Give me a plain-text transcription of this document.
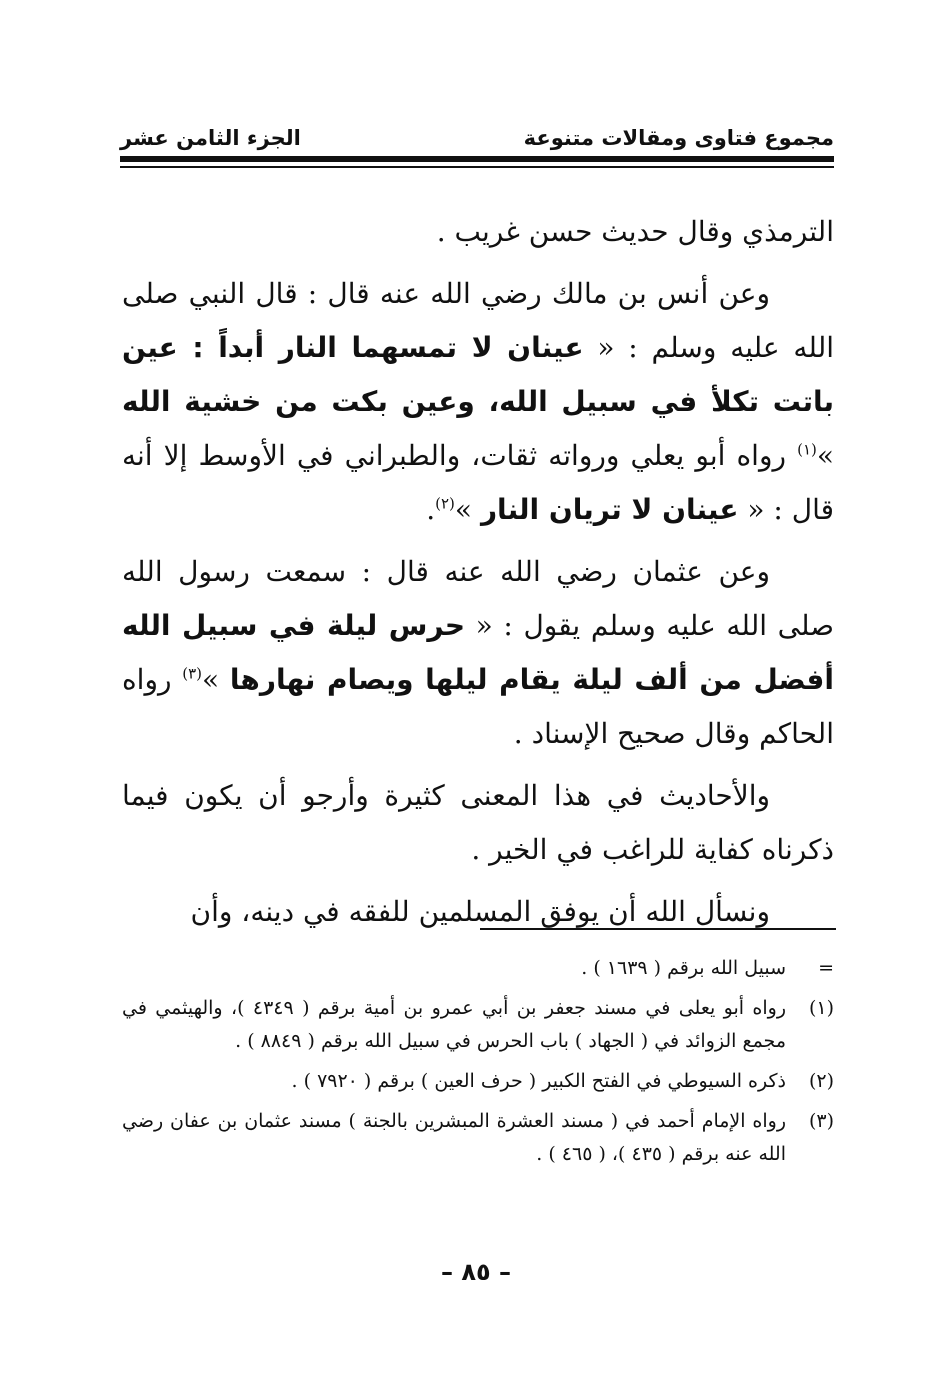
الجزء الثامن عشر	مجموع فتاوى ومقالات متنوعة

الترمذي وقال حديث حسن غريب .

وعن أنس بن مالك رضي الله عنه قال : قال النبي صلى الله عليه وسلم : « عينان لا تمسهما النار أبداً : عين باتت تكلأ في سبيل الله، وعين بكت من خشية الله »$^{(١)}$ رواه أبو يعلي ورواته ثقات، والطبراني في الأوسط إلا أنه قال : « عينان لا تريان النار »$^{(٢)}$.

وعن عثمان رضي الله عنه قال : سمعت رسول الله صلى الله عليه وسلم يقول : « حرس ليلة في سبيل الله أفضل من ألف ليلة يقام ليلها ويصام نهارها »$^{(٣)}$ رواه الحاكم وقال صحيح الإسناد .

والأحاديث في هذا المعنى كثيرة وأرجو أن يكون فيما ذكرناه كفاية للراغب في الخير .

ونسأل الله أن يوفق المسلمين للفقه في دينه، وأن

=
سبيل الله برقم ( ١٦٣٩ ) .
(١)
رواه أبو يعلى في مسند جعفر بن أبي عمرو بن أمية برقم ( ٤٣٤٩ )، والهيثمي في مجمع الزوائد في ( الجهاد ) باب الحرس في سبيل الله برقم ( ٨٨٤٩ ) .
(٢)
ذكره السيوطي في الفتح الكبير ( حرف العين ) برقم ( ٧٩٢٠ ) .
(٣)
رواه الإمام أحمد في ( مسند العشرة المبشرين بالجنة ) مسند عثمان بن عفان رضي الله عنه برقم ( ٤٣٥ )، ( ٤٦٥ ) .
– ٨٥ –
